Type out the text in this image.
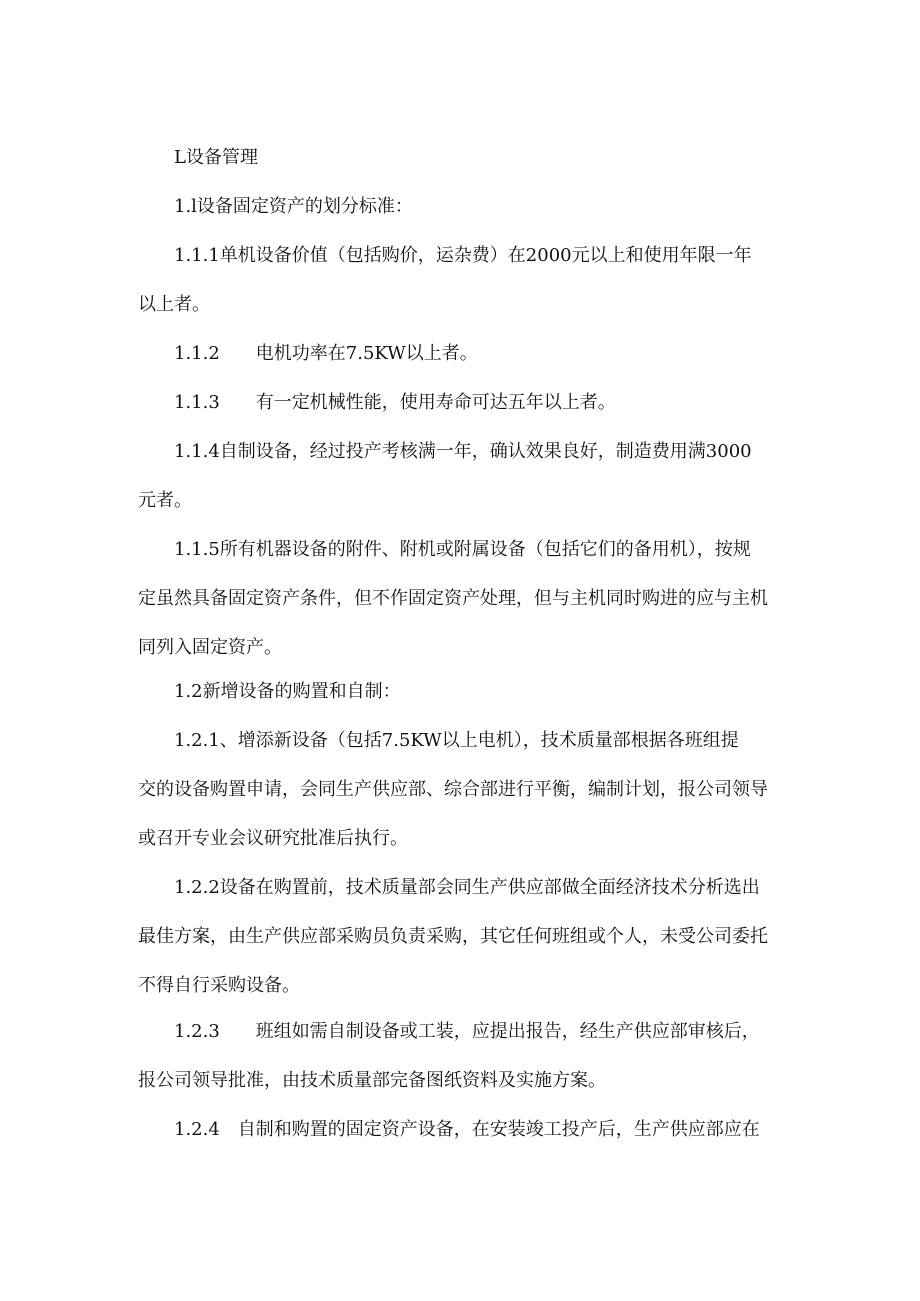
L设备管理

1.l设备固定资产的划分标准：

1.1.1单机设备价值（包括购价，运杂费）在2000元以上和使用年限一年
以上者。

1.1.2　　电机功率在7.5KW以上者。

1.1.3　　有一定机械性能，使用寿命可达五年以上者。

1.1.4自制设备，经过投产考核满一年，确认效果良好，制造费用满3000
元者。

1.1.5所有机器设备的附件、附机或附属设备（包括它们的备用机），按规
定虽然具备固定资产条件，但不作固定资产处理，但与主机同时购进的应与主机
同列入固定资产。

1.2新增设备的购置和自制：

1.2.1、增添新设备（包括7.5KW以上电机），技术质量部根据各班组提
交的设备购置申请，会同生产供应部、综合部进行平衡，编制计划，报公司领导
或召开专业会议研究批准后执行。

1.2.2设备在购置前，技术质量部会同生产供应部做全面经济技术分析选出
最佳方案，由生产供应部采购员负责采购，其它任何班组或个人，未受公司委托
不得自行采购设备。

1.2.3　　班组如需自制设备或工装，应提出报告，经生产供应部审核后，
报公司领导批准，由技术质量部完备图纸资料及实施方案。

1.2.4　自制和购置的固定资产设备，在安装竣工投产后，生产供应部应在
